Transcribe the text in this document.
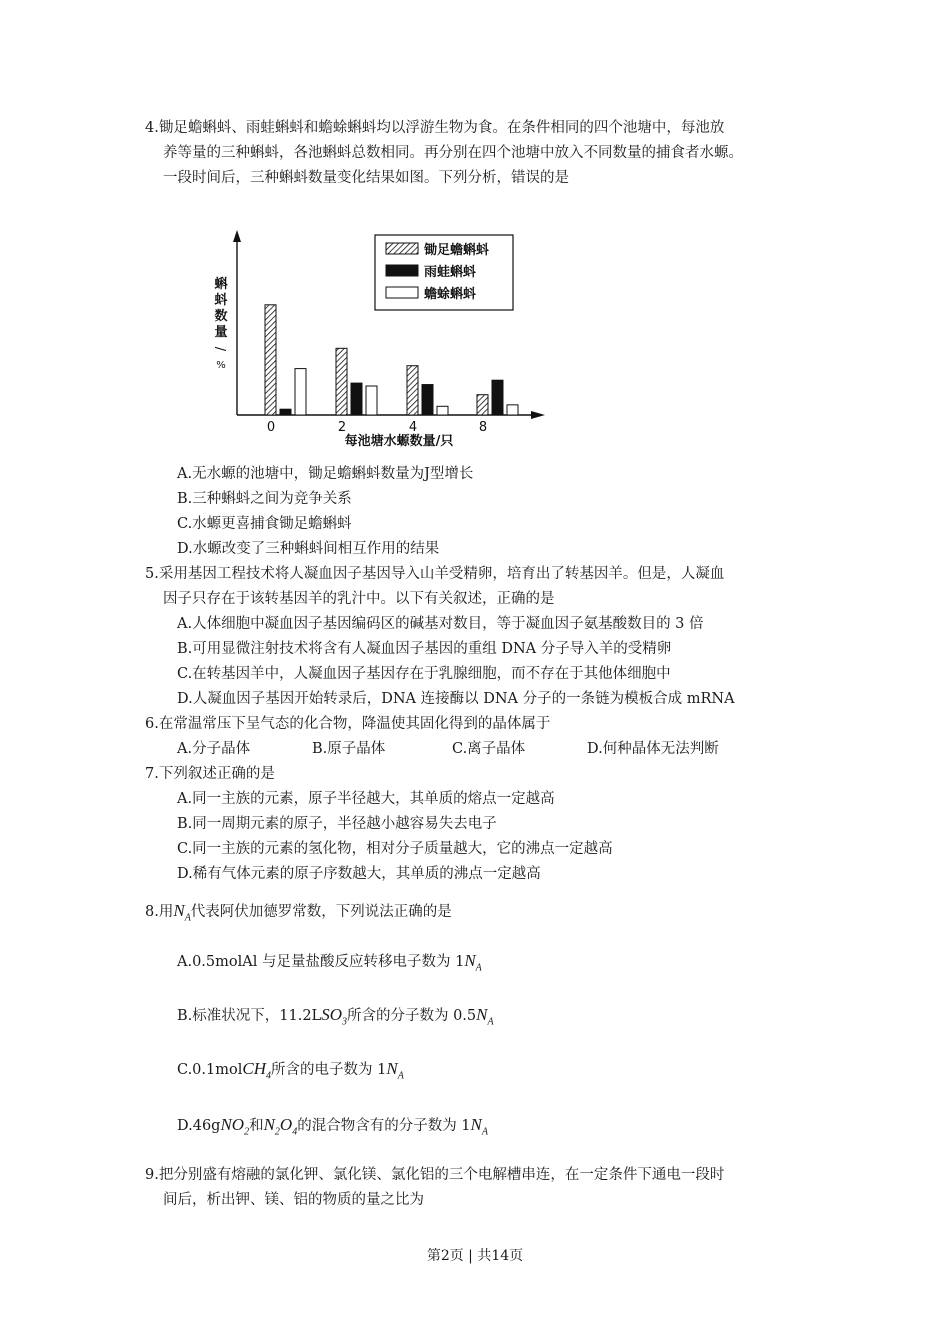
4.锄足蟾蝌蚪、雨蛙蝌蚪和蟾蜍蝌蚪均以浮游生物为食。在条件相同的四个池塘中，每池放
养等量的三种蝌蚪，各池蝌蚪总数相同。再分别在四个池塘中放入不同数量的捕食者水螈。
一段时间后，三种蝌蚪数量变化结果如图。下列分析，错误的是
0	2	4	8
蝌
蚪
数
量
/
%
每池塘水螈数量/只
锄足蟾蝌蚪
雨蛙蝌蚪
蟾蜍蝌蚪
A.无水螈的池塘中，锄足蟾蝌蚪数量为J型增长
B.三种蝌蚪之间为竞争关系
C.水螈更喜捕食锄足蟾蝌蚪
D.水螈改变了三种蝌蚪间相互作用的结果
5.采用基因工程技术将人凝血因子基因导入山羊受精卵，培育出了转基因羊。但是，人凝血
因子只存在于该转基因羊的乳汁中。以下有关叙述，正确的是
A.人体细胞中凝血因子基因编码区的碱基对数目，等于凝血因子氨基酸数目的 3 倍
B.可用显微注射技术将含有人凝血因子基因的重组 DNA 分子导入羊的受精卵
C.在转基因羊中，人凝血因子基因存在于乳腺细胞，而不存在于其他体细胞中
D.人凝血因子基因开始转录后，DNA 连接酶以 DNA 分子的一条链为模板合成 mRNA
6.在常温常压下呈气态的化合物，降温使其固化得到的晶体属于
A.分子晶体	B.原子晶体	C.离子晶体	D.何种晶体无法判断
7.下列叙述正确的是
A.同一主族的元素，原子半径越大，其单质的熔点一定越高
B.同一周期元素的原子，半径越小越容易失去电子
C.同一主族的元素的氢化物，相对分子质量越大，它的沸点一定越高
D.稀有气体元素的原子序数越大，其单质的沸点一定越高
8.用$N_A$代表阿伏加德罗常数，下列说法正确的是
A.0.5molAl 与足量盐酸反应转移电子数为 $1N_A$
B.标准状况下，$11.2LSO_3$所含的分子数为 $0.5N_A$
C.0.1molCH$_4$所含的电子数为 $1N_A$
D.46gNO$_2$和$N_2O_4$的混合物含有的分子数为 $1N_A$
9.把分别盛有熔融的氯化钾、氯化镁、氯化铝的三个电解槽串连，在一定条件下通电一段时
间后，析出钾、镁、铝的物质的量之比为
第2页 | 共14页
